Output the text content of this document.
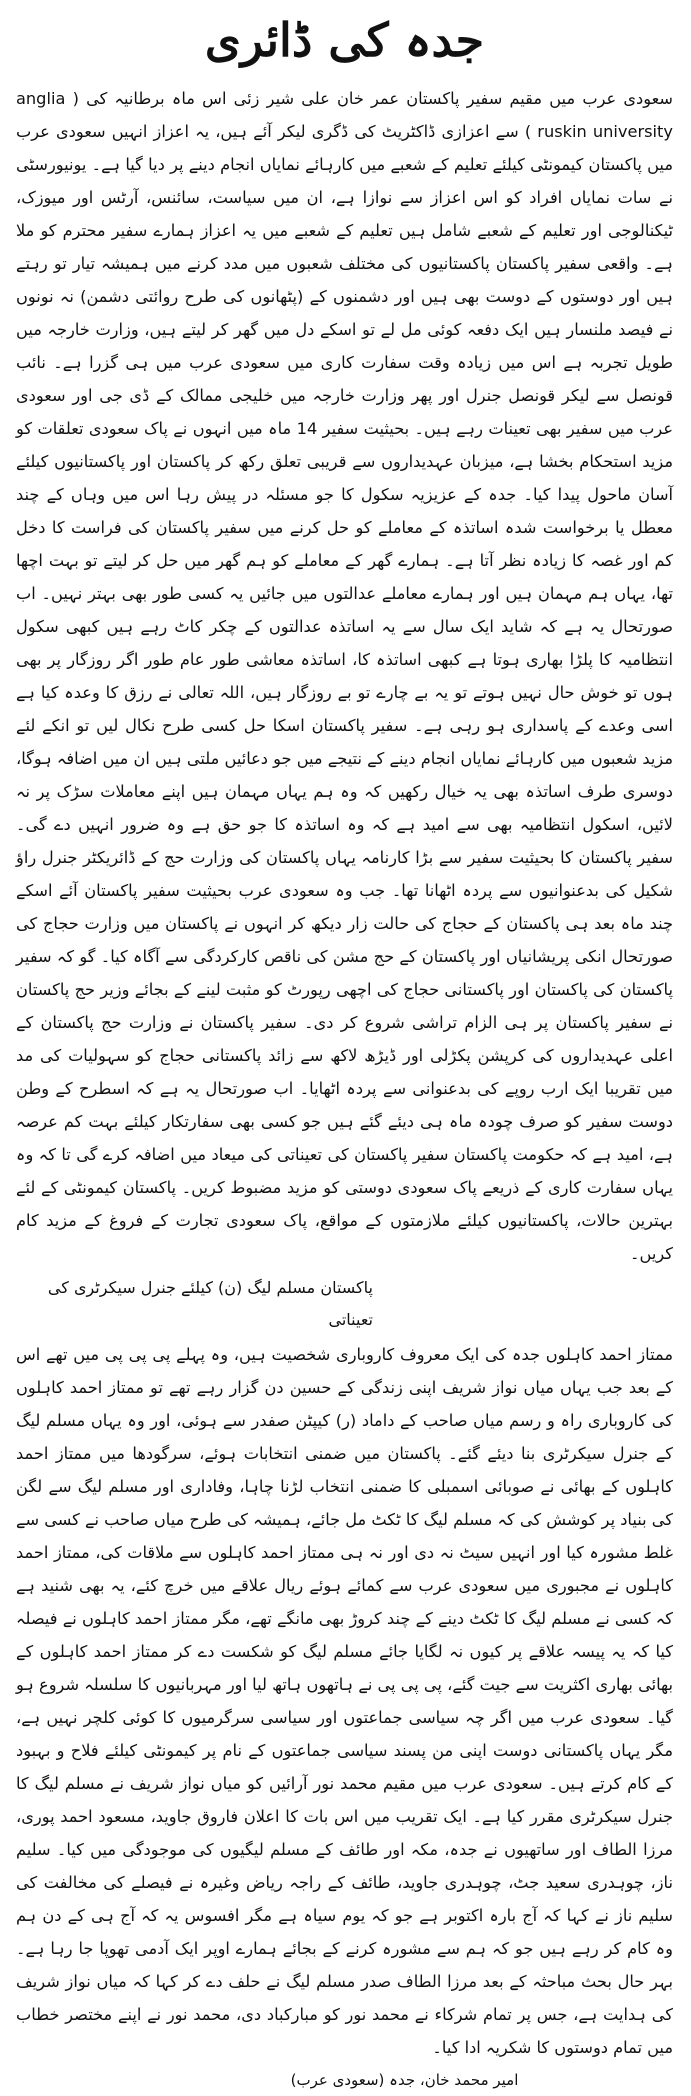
جدہ کی ڈائری

سعودی عرب میں مقیم سفیر پاکستان عمر خان علی شیر زئی اس ماہ برطانیہ کی ( anglia ruskin university ) سے اعزازی ڈاکٹریٹ کی ڈگری لیکر آئے ہیں، یہ اعزاز انہیں سعودی عرب میں پاکستان کیمونٹی کیلئے تعلیم کے شعبے میں کارہائے نمایاں انجام دینے پر دیا گیا ہے۔ یونیورسٹی نے سات نمایاں افراد کو اس اعزاز سے نوازا ہے، ان میں سیاست، سائنس، آرٹس اور میوزک، ٹیکنالوجی اور تعلیم کے شعبے شامل ہیں تعلیم کے شعبے میں یہ اعزاز ہمارے سفیر محترم کو ملا ہے۔ واقعی سفیر پاکستان پاکستانیوں کی مختلف شعبوں میں مدد کرنے میں ہمیشہ تیار تو رہتے ہیں اور دوستوں کے دوست بھی ہیں اور دشمنوں کے (پٹھانوں کی طرح روائتی دشمن) نہ نونوں نے فیصد ملنسار ہیں ایک دفعہ کوئی مل لے تو اسکے دل میں گھر کر لیتے ہیں، وزارت خارجہ میں طویل تجربہ ہے اس میں زیادہ وقت سفارت کاری میں سعودی عرب میں ہی گزرا ہے۔ نائب قونصل سے لیکر قونصل جنرل اور پھر وزارت خارجہ میں خلیجی ممالک کے ڈی جی اور سعودی عرب میں سفیر بھی تعینات رہے ہیں۔ بحیثیت سفیر 14 ماہ میں انہوں نے پاک سعودی تعلقات کو مزید استحکام بخشا ہے، میزبان عہدیداروں سے قریبی تعلق رکھ کر پاکستان اور پاکستانیوں کیلئے آسان ماحول پیدا کیا۔ جدہ کے عزیزیہ سکول کا جو مسئلہ در پیش رہا اس میں وہاں کے چند معطل یا برخواست شدہ اساتذہ کے معاملے کو حل کرنے میں سفیر پاکستان کی فراست کا دخل کم اور غصہ کا زیادہ نظر آتا ہے۔ ہمارے گھر کے معاملے کو ہم گھر میں حل کر لیتے تو بہت اچھا تھا، یہاں ہم مہمان ہیں اور ہمارے معاملے عدالتوں میں جائیں یہ کسی طور بھی بہتر نہیں۔ اب صورتحال یہ ہے کہ شاید ایک سال سے یہ اساتذہ عدالتوں کے چکر کاٹ رہے ہیں کبھی سکول انتظامیہ کا پلڑا بھاری ہوتا ہے کبھی اساتذہ کا، اساتذہ معاشی طور عام طور اگر روزگار پر بھی ہوں تو خوش حال نہیں ہوتے تو یہ بے چارے تو بے روزگار ہیں، اللہ تعالی نے رزق کا وعدہ کیا ہے اسی وعدے کے پاسداری ہو رہی ہے۔ سفیر پاکستان اسکا حل کسی طرح نکال لیں تو انکے لئے مزید شعبوں میں کارہائے نمایاں انجام دینے کے نتیجے میں جو دعائیں ملتی ہیں ان میں اضافہ ہوگا، دوسری طرف اساتذہ بھی یہ خیال رکھیں کہ وہ ہم یہاں مہمان ہیں اپنے معاملات سڑک پر نہ لائیں، اسکول انتظامیہ بھی سے امید ہے کہ وہ اساتذہ کا جو حق ہے وہ ضرور انہیں دے گی۔ سفیر پاکستان کا بحیثیت سفیر سے بڑا کارنامہ یہاں پاکستان کی وزارت حج کے ڈائریکٹر جنرل راؤ شکیل کی بدعنوانیوں سے پردہ اٹھانا تھا۔ جب وہ سعودی عرب بحیثیت سفیر پاکستان آئے اسکے چند ماہ بعد ہی پاکستان کے حجاج کی حالت زار دیکھ کر انہوں نے پاکستان میں وزارت حجاج کی صورتحال انکی پریشانیاں اور پاکستان کے حج مشن کی ناقص کارکردگی سے آگاہ کیا۔ گو کہ سفیر پاکستان کی پاکستان اور پاکستانی حجاج کی اچھی رپورٹ کو مثبت لینے کے بجائے وزیر حج پاکستان نے سفیر پاکستان پر ہی الزام تراشی شروع کر دی۔ سفیر پاکستان نے وزارت حج پاکستان کے اعلی عہدیداروں کی کرپشن پکڑلی اور ڈیڑھ لاکھ سے زائد پاکستانی حجاج کو سہولیات کی مد میں تقریبا ایک ارب روپے کی بدعنوانی سے پردہ اٹھایا۔ اب صورتحال یہ ہے کہ اسطرح کے وطن دوست سفیر کو صرف چودہ ماہ ہی دیئے گئے ہیں جو کسی بھی سفارتکار کیلئے بہت کم عرصہ ہے، امید ہے کہ حکومت پاکستان سفیر پاکستان کی تعیناتی کی میعاد میں اضافہ کرے گی تا کہ وہ یہاں سفارت کاری کے ذریعے پاک سعودی دوستی کو مزید مضبوط کریں۔ پاکستان کیمونٹی کے لئے بہترین حالات، پاکستانیوں کیلئے ملازمتوں کے مواقع، پاک سعودی تجارت کے فروغ کے مزید کام کریں۔

پاکستان مسلم لیگ (ن) کیلئے جنرل سیکرٹری کی تعیناتی

ممتاز احمد کاہلوں جدہ کی ایک معروف کاروباری شخصیت ہیں، وہ پہلے پی پی پی میں تھے اس کے بعد جب یہاں میاں نواز شریف اپنی زندگی کے حسین دن گزار رہے تھے تو ممتاز احمد کاہلوں کی کاروباری راہ و رسم میاں صاحب کے داماد (ر) کیپٹن صفدر سے ہوئی، اور وہ یہاں مسلم لیگ کے جنرل سیکرٹری بنا دیئے گئے۔ پاکستان میں ضمنی انتخابات ہوئے، سرگودھا میں ممتاز احمد کاہلوں کے بھائی نے صوبائی اسمبلی کا ضمنی انتخاب لڑنا چاہا، وفاداری اور مسلم لیگ سے لگن کی بنیاد پر کوشش کی کہ مسلم لیگ کا ٹکٹ مل جائے، ہمیشہ کی طرح میاں صاحب نے کسی سے غلط مشورہ کیا اور انہیں سیٹ نہ دی اور نہ ہی ممتاز احمد کاہلوں سے ملاقات کی، ممتاز احمد کاہلوں نے مجبوری میں سعودی عرب سے کمائے ہوئے ریال علاقے میں خرچ کئے، یہ بھی شنید ہے کہ کسی نے مسلم لیگ کا ٹکٹ دینے کے چند کروڑ بھی مانگے تھے، مگر ممتاز احمد کاہلوں نے فیصلہ کیا کہ یہ پیسہ علاقے پر کیوں نہ لگایا جائے مسلم لیگ کو شکست دے کر ممتاز احمد کاہلوں کے بھائی بھاری اکثریت سے جیت گئے، پی پی پی نے ہاتھوں ہاتھ لیا اور مہربانیوں کا سلسلہ شروع ہو گیا۔ سعودی عرب میں اگر چہ سیاسی جماعتوں اور سیاسی سرگرمیوں کا کوئی کلچر نہیں ہے، مگر یہاں پاکستانی دوست اپنی من پسند سیاسی جماعتوں کے نام پر کیمونٹی کیلئے فلاح و بہبود کے کام کرتے ہیں۔ سعودی عرب میں مقیم محمد نور آرائیں کو میاں نواز شریف نے مسلم لیگ کا جنرل سیکرٹری مقرر کیا ہے۔ ایک تقریب میں اس بات کا اعلان فاروق جاوید، مسعود احمد پوری، مرزا الطاف اور ساتھیوں نے جدہ، مکہ اور طائف کے مسلم لیگیوں کی موجودگی میں کیا۔ سلیم ناز، چوہدری سعید جٹ، چوہدری جاوید، طائف کے راجہ ریاض وغیرہ نے فیصلے کی مخالفت کی سلیم ناز نے کہا کہ آج بارہ اکتوبر ہے جو کہ یوم سیاہ ہے مگر افسوس یہ کہ آج ہی کے دن ہم وہ کام کر رہے ہیں جو کہ ہم سے مشورہ کرنے کے بجائے ہمارے اوپر ایک آدمی تھوپا جا رہا ہے۔ بہر حال بحث مباحثہ کے بعد مرزا الطاف صدر مسلم لیگ نے حلف دے کر کہا کہ میاں نواز شریف کی ہدایت ہے، جس پر تمام شرکاء نے محمد نور کو مبارکباد دی، محمد نور نے اپنے مختصر خطاب میں تمام دوستوں کا شکریہ ادا کیا۔

امیر محمد خان، جدہ (سعودی عرب)
